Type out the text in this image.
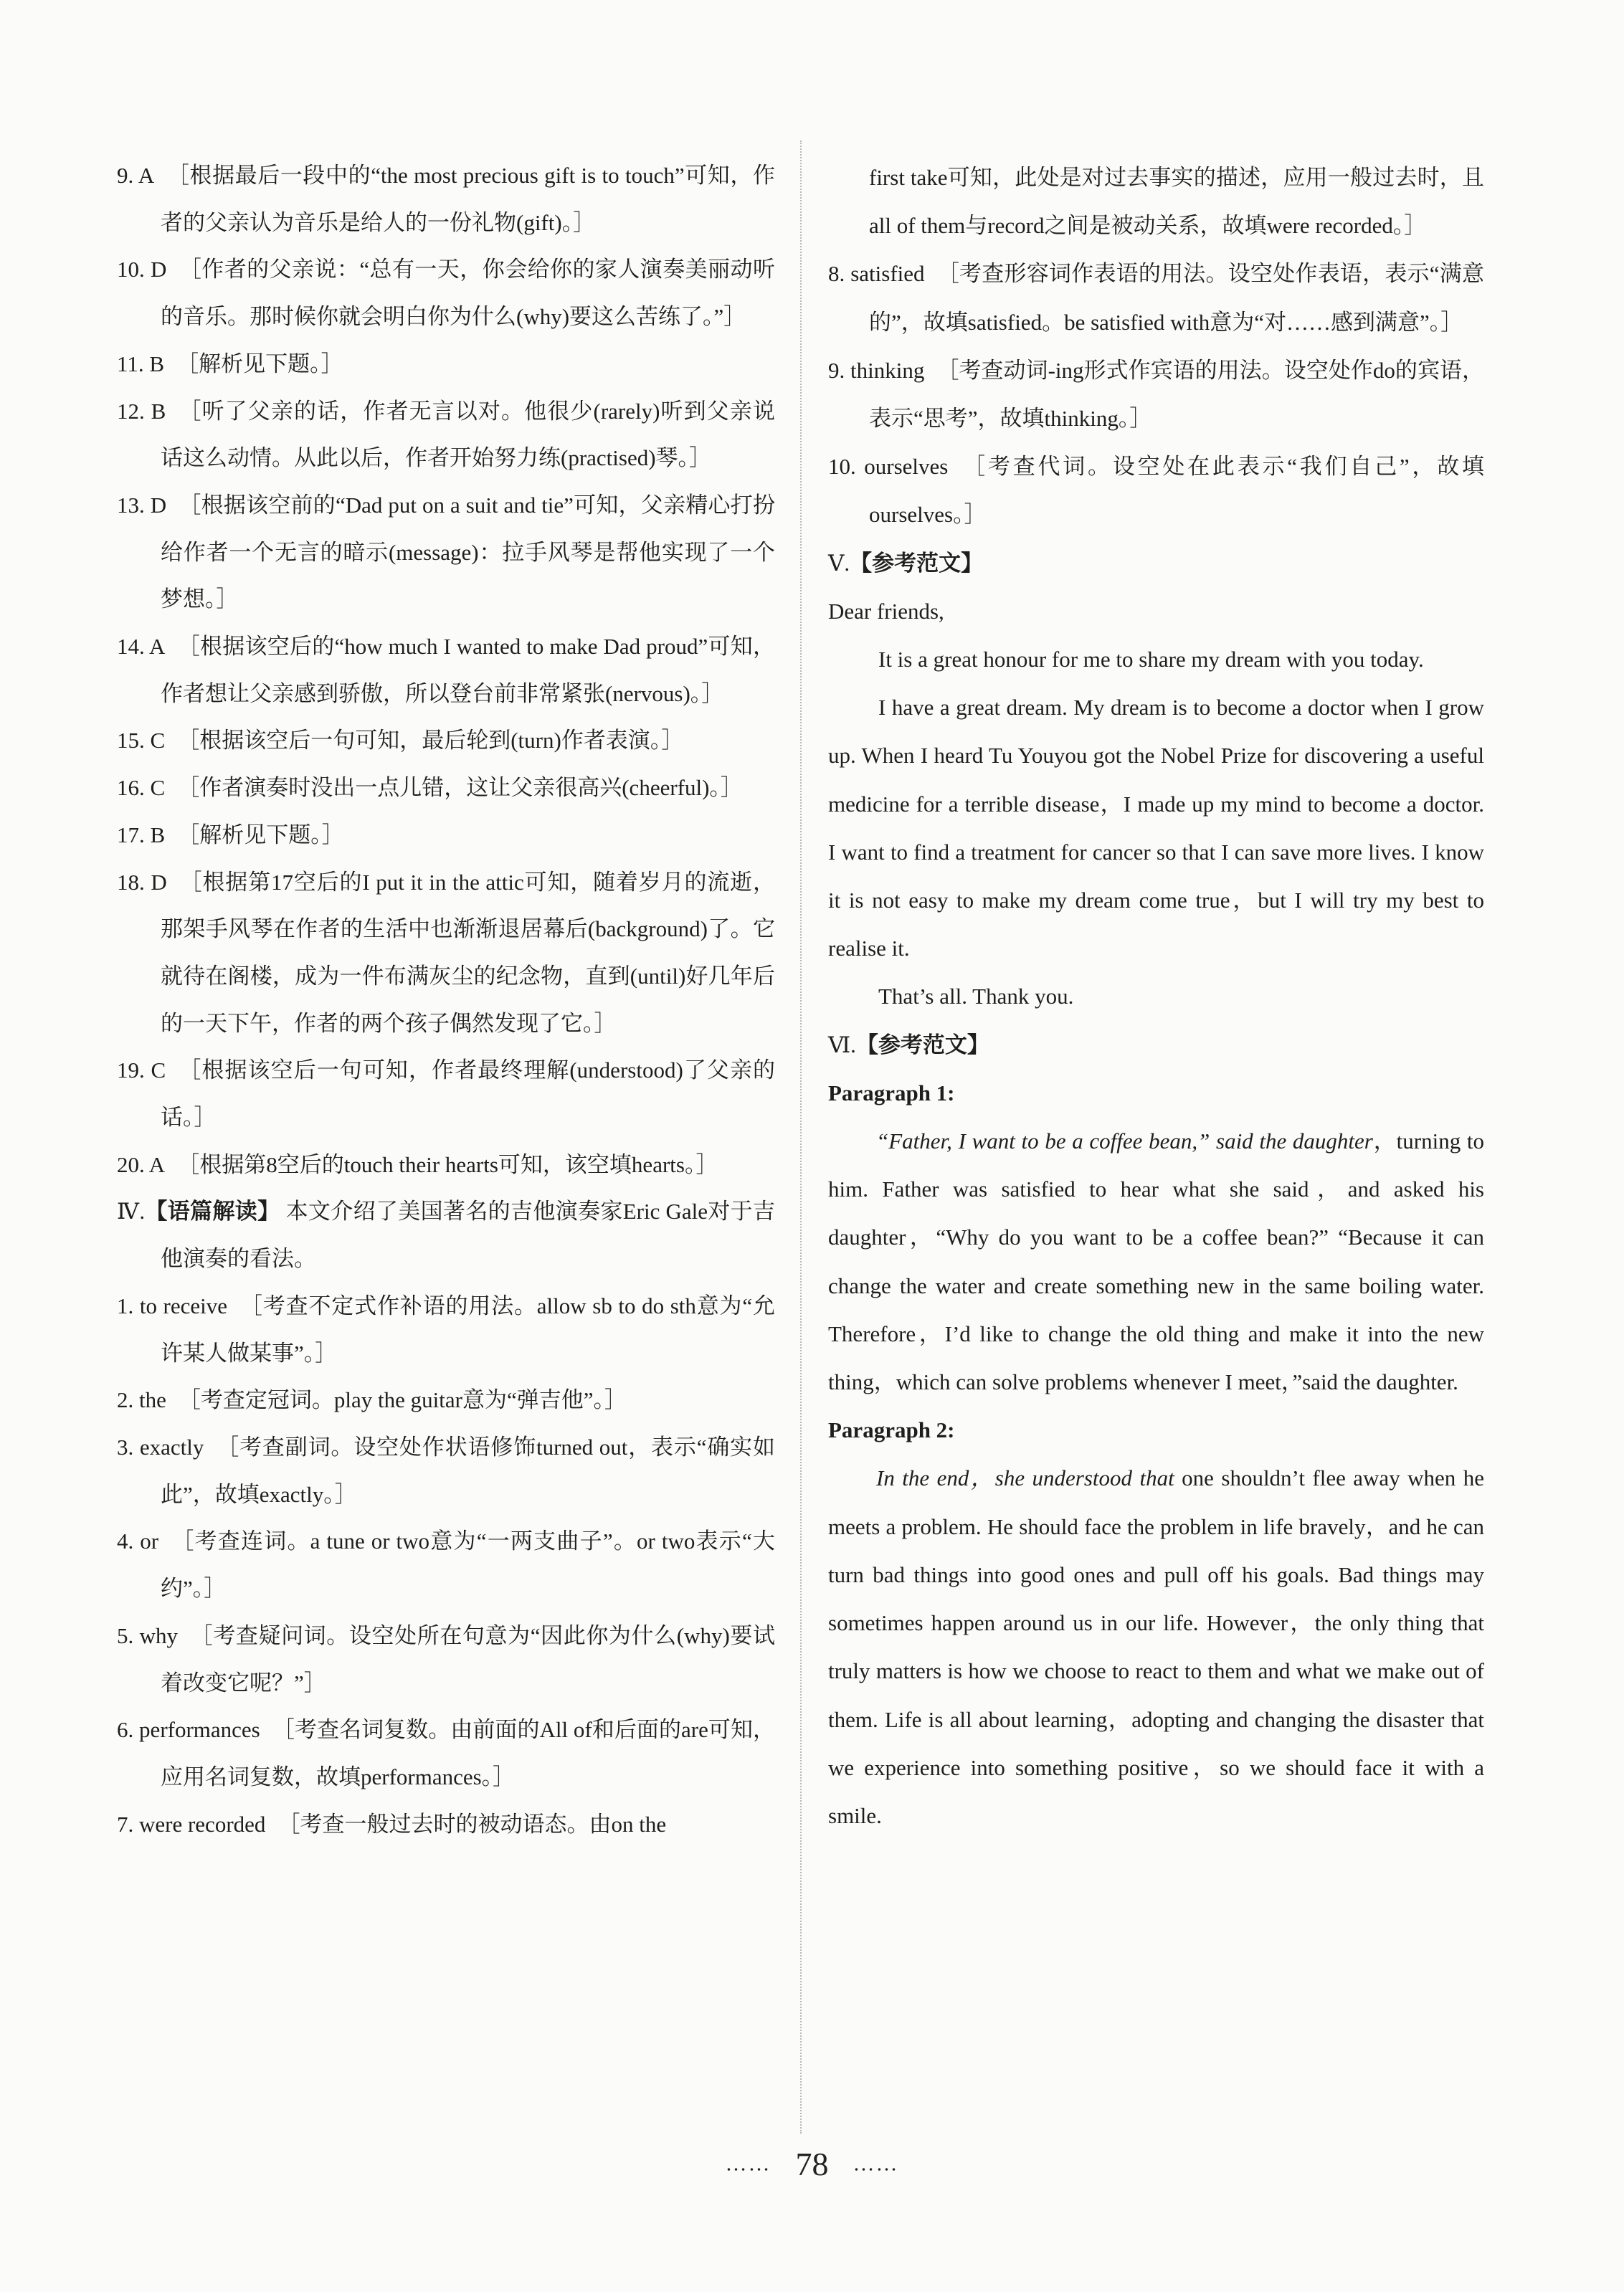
9. A ［根据最后一段中的“the most precious gift is to touch”可知，作者的父亲认为音乐是给人的一份礼物(gift)。］
10. D ［作者的父亲说：“总有一天，你会给你的家人演奏美丽动听的音乐。那时候你就会明白你为什么(why)要这么苦练了。”］
11. B ［解析见下题。］
12. B ［听了父亲的话，作者无言以对。他很少(rarely)听到父亲说话这么动情。从此以后，作者开始努力练(practised)琴。］
13. D ［根据该空前的“Dad put on a suit and tie”可知，父亲精心打扮给作者一个无言的暗示(message)：拉手风琴是帮他实现了一个梦想。］
14. A ［根据该空后的“how much I wanted to make Dad proud”可知，作者想让父亲感到骄傲，所以登台前非常紧张(nervous)。］
15. C ［根据该空后一句可知，最后轮到(turn)作者表演。］
16. C ［作者演奏时没出一点儿错，这让父亲很高兴(cheerful)。］
17. B ［解析见下题。］
18. D ［根据第17空后的I put it in the attic可知，随着岁月的流逝，那架手风琴在作者的生活中也渐渐退居幕后(background)了。它就待在阁楼，成为一件布满灰尘的纪念物，直到(until)好几年后的一天下午，作者的两个孩子偶然发现了它。］
19. C ［根据该空后一句可知，作者最终理解(understood)了父亲的话。］
20. A ［根据第8空后的touch their hearts可知，该空填hearts。］
Ⅳ.【语篇解读】 本文介绍了美国著名的吉他演奏家Eric Gale对于吉他演奏的看法。
1. to receive ［考查不定式作补语的用法。allow sb to do sth意为“允许某人做某事”。］
2. the ［考查定冠词。play the guitar意为“弹吉他”。］
3. exactly ［考查副词。设空处作状语修饰turned out，表示“确实如此”，故填exactly。］
4. or ［考查连词。a tune or two意为“一两支曲子”。or two表示“大约”。］
5. why ［考查疑问词。设空处所在句意为“因此你为什么(why)要试着改变它呢？”］
6. performances ［考查名词复数。由前面的All of和后面的are可知，应用名词复数，故填performances。］
7. were recorded ［考查一般过去时的被动语态。由on the
first take可知，此处是对过去事实的描述，应用一般过去时，且all of them与record之间是被动关系，故填were recorded。］
8. satisfied ［考查形容词作表语的用法。设空处作表语，表示“满意的”，故填satisfied。be satisfied with意为“对……感到满意”。］
9. thinking ［考查动词-ing形式作宾语的用法。设空处作do的宾语，表示“思考”，故填thinking。］
10. ourselves ［考查代词。设空处在此表示“我们自己”，故填ourselves。］
Ⅴ.【参考范文】
Dear friends,
It is a great honour for me to share my dream with you today.
I have a great dream. My dream is to become a doctor when I grow up. When I heard Tu Youyou got the Nobel Prize for discovering a useful medicine for a terrible disease，I made up my mind to become a doctor. I want to find a treatment for cancer so that I can save more lives. I know it is not easy to make my dream come true，but I will try my best to realise it.
That’s all. Thank you.
Ⅵ.【参考范文】
Paragraph 1:
“Father, I want to be a coffee bean,” said the daughter，turning to him. Father was satisfied to hear what she said，and asked his daughter，“Why do you want to be a coffee bean?” “Because it can change the water and create something new in the same boiling water. Therefore，I’d like to change the old thing and make it into the new thing，which can solve problems whenever I meet，”said the daughter.
Paragraph 2:
In the end，she understood that one shouldn’t flee away when he meets a problem. He should face the problem in life bravely，and he can turn bad things into good ones and pull off his goals. Bad things may sometimes happen around us in our life. However，the only thing that truly matters is how we choose to react to them and what we make out of them. Life is all about learning，adopting and changing the disaster that we experience into something positive，so we should face it with a smile.
…… 78 ……
